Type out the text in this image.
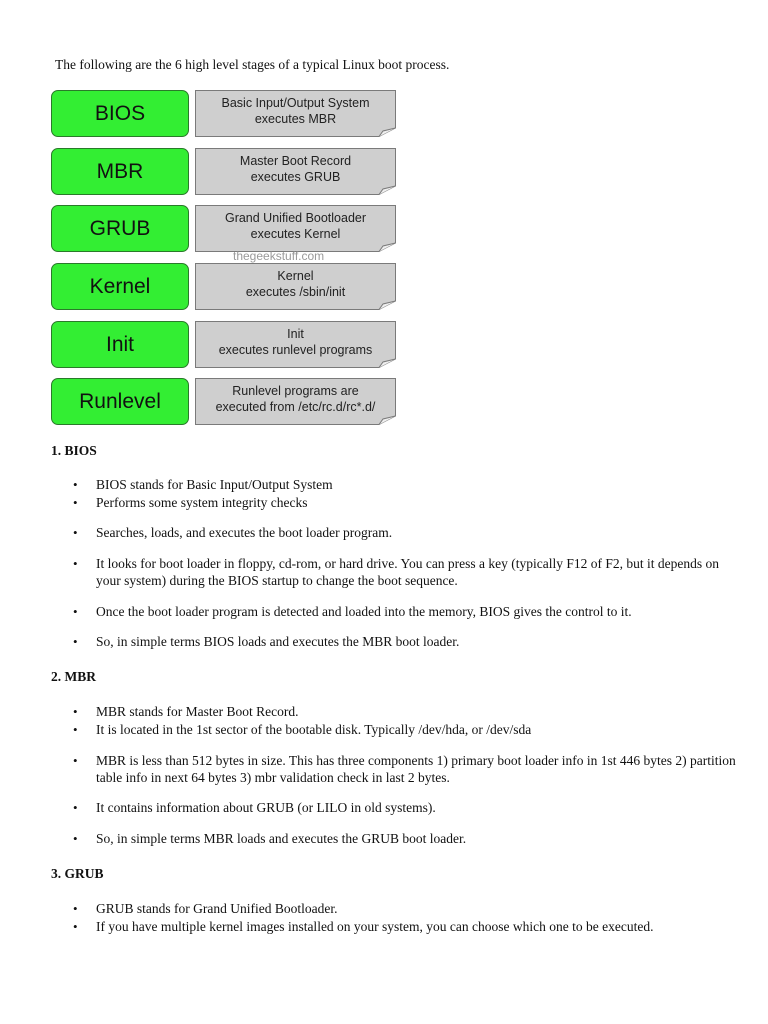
The following are the 6 high level stages of a typical Linux boot process.

BIOS	Basic Input/Output System
executes MBR
MBR	Master Boot Record
executes GRUB
GRUB	Grand Unified Bootloader
executes Kernel
Kernel	Kernel
executes /sbin/init
Init	Init
executes runlevel programs
Runlevel	Runlevel programs are
executed from /etc/rc.d/rc*.d/
thegeekstuff.com
1. BIOS
• BIOS stands for Basic Input/Output System
• Performs some system integrity checks
• Searches, loads, and executes the boot loader program.
• It looks for boot loader in floppy, cd-rom, or hard drive. You can press a key (typically F12 of F2, but it depends on your system) during the BIOS startup to change the boot sequence.
• Once the boot loader program is detected and loaded into the memory, BIOS gives the control to it.
• So, in simple terms BIOS loads and executes the MBR boot loader.
2. MBR
• MBR stands for Master Boot Record.
• It is located in the 1st sector of the bootable disk. Typically /dev/hda, or /dev/sda
• MBR is less than 512 bytes in size. This has three components 1) primary boot loader info in 1st 446 bytes 2) partition table info in next 64 bytes 3) mbr validation check in last 2 bytes.
• It contains information about GRUB (or LILO in old systems).
• So, in simple terms MBR loads and executes the GRUB boot loader.
3. GRUB
• GRUB stands for Grand Unified Bootloader.
• If you have multiple kernel images installed on your system, you can choose which one to be executed.
